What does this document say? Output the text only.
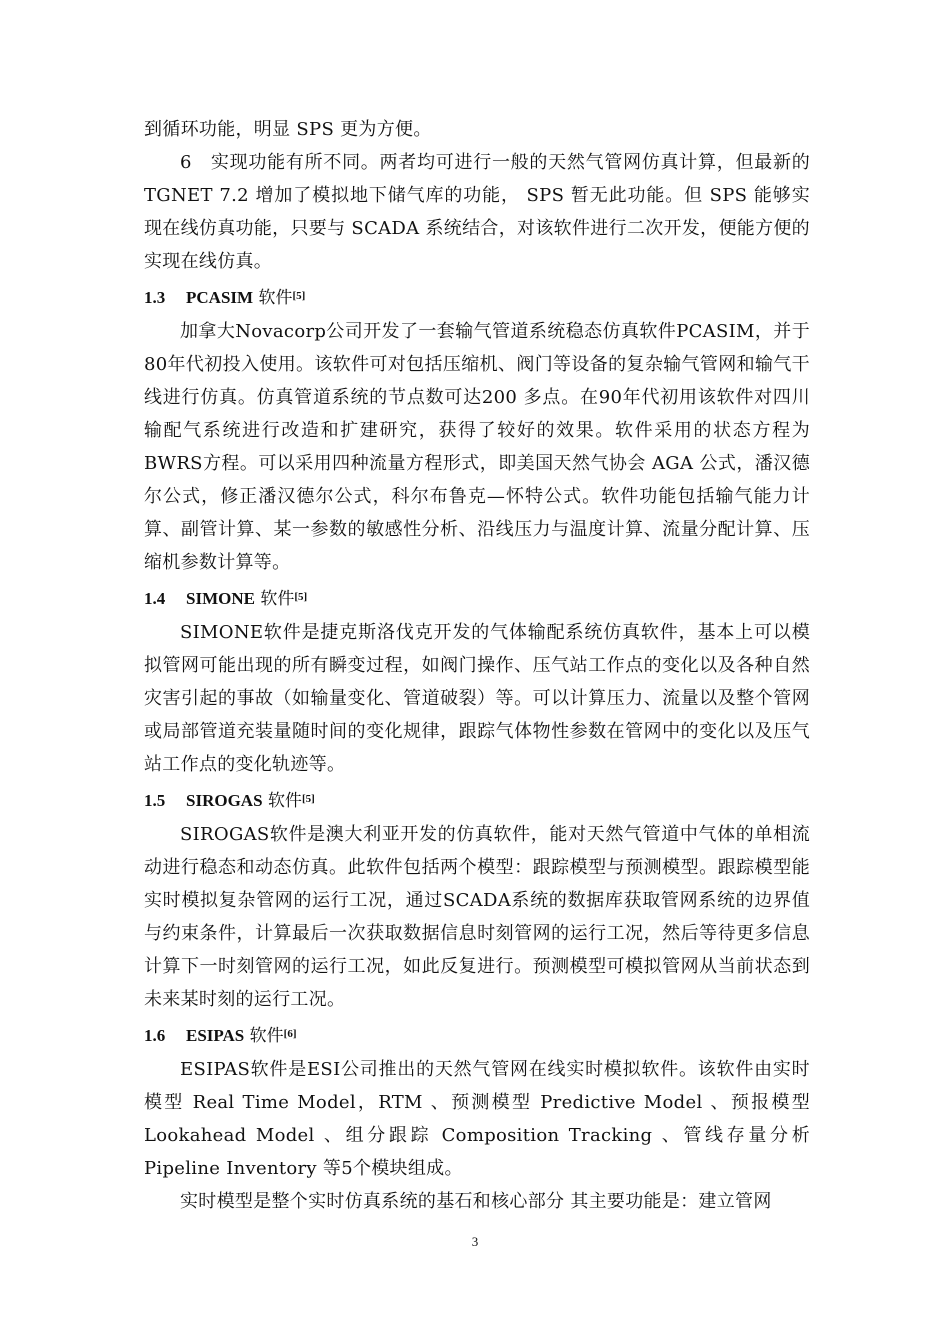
到循环功能，明显 SPS 更为方便。

6　实现功能有所不同。两者均可进行一般的天然气管网仿真计算，但最新的 TGNET 7.2 增加了模拟地下储气库的功能， SPS 暂无此功能。但 SPS 能够实现在线仿真功能，只要与 SCADA 系统结合，对该软件进行二次开发，便能方便的实现在线仿真。

1.3 PCASIM 软件[5]

加拿大Novacorp公司开发了一套输气管道系统稳态仿真软件PCASIM，并于80年代初投入使用。该软件可对包括压缩机、阀门等设备的复杂输气管网和输气干线进行仿真。仿真管道系统的节点数可达200 多点。在90年代初用该软件对四川输配气系统进行改造和扩建研究，获得了较好的效果。软件采用的状态方程为BWRS方程。可以采用四种流量方程形式，即美国天然气协会 AGA 公式，潘汉德尔公式，修正潘汉德尔公式，科尔布鲁克—怀特公式。软件功能包括输气能力计算、副管计算、某一参数的敏感性分析、沿线压力与温度计算、流量分配计算、压缩机参数计算等。

1.4 SIMONE 软件[5]

SIMONE软件是捷克斯洛伐克开发的气体输配系统仿真软件，基本上可以模拟管网可能出现的所有瞬变过程，如阀门操作、压气站工作点的变化以及各种自然灾害引起的事故（如输量变化、管道破裂）等。可以计算压力、流量以及整个管网或局部管道充装量随时间的变化规律，跟踪气体物性参数在管网中的变化以及压气站工作点的变化轨迹等。

1.5 SIROGAS 软件[5]

SIROGAS软件是澳大利亚开发的仿真软件，能对天然气管道中气体的单相流动进行稳态和动态仿真。此软件包括两个模型：跟踪模型与预测模型。跟踪模型能实时模拟复杂管网的运行工况，通过SCADA系统的数据库获取管网系统的边界值与约束条件，计算最后一次获取数据信息时刻管网的运行工况，然后等待更多信息计算下一时刻管网的运行工况，如此反复进行。预测模型可模拟管网从当前状态到未来某时刻的运行工况。

1.6 ESIPAS 软件[6]

ESIPAS软件是ESI公司推出的天然气管网在线实时模拟软件。该软件由实时模型 Real Time Model，RTM 、预测模型 Predictive Model 、预报模型 Lookahead Model 、组分跟踪 Composition Tracking 、管线存量分析 Pipeline Inventory 等5个模块组成。

实时模型是整个实时仿真系统的基石和核心部分 其主要功能是：建立管网

3
